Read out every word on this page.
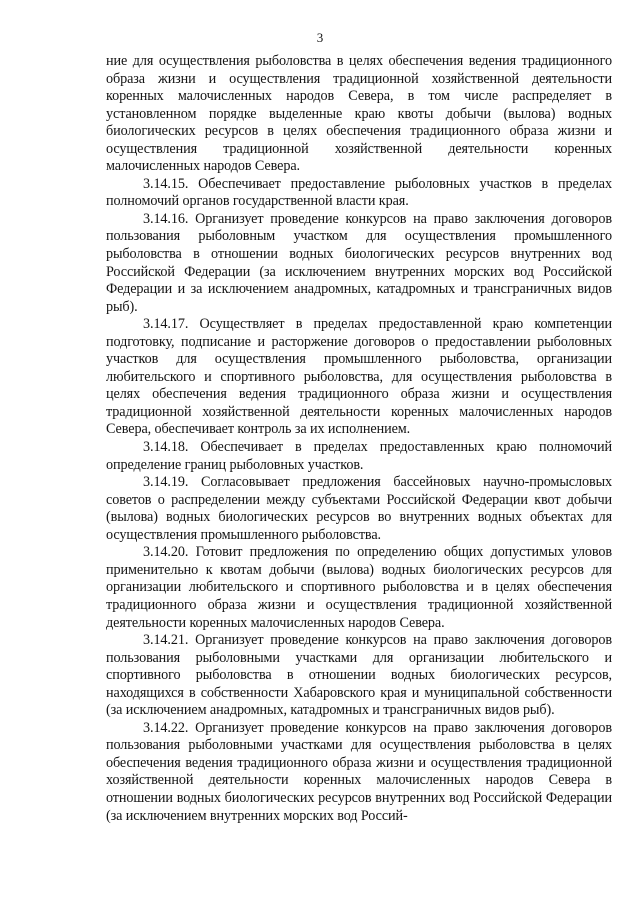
3

ние для осуществления рыболовства в целях обеспечения ведения традиционного образа жизни и осуществления традиционной хозяйственной деятельности коренных малочисленных народов Севера, в том числе распределяет в установленном порядке выделенные краю квоты добычи (вылова) водных биологических ресурсов в целях обеспечения традиционного образа жизни и осуществления традиционной хозяйственной деятельности коренных малочисленных народов Севера.

3.14.15. Обеспечивает предоставление рыболовных участков в пределах полномочий органов государственной власти края.

3.14.16. Организует проведение конкурсов на право заключения договоров пользования рыболовным участком для осуществления промышленного рыболовства в отношении водных биологических ресурсов внутренних вод Российской Федерации (за исключением внутренних морских вод Российской Федерации и за исключением анадромных, катадромных и трансграничных видов рыб).

3.14.17. Осуществляет в пределах предоставленной краю компетенции подготовку, подписание и расторжение договоров о предоставлении рыболовных участков для осуществления промышленного рыболовства, организации любительского и спортивного рыболовства, для осуществления рыболовства в целях обеспечения ведения традиционного образа жизни и осуществления традиционной хозяйственной деятельности коренных малочисленных народов Севера, обеспечивает контроль за их исполнением.

3.14.18. Обеспечивает в пределах предоставленных краю полномочий определение границ рыболовных участков.

3.14.19. Согласовывает предложения бассейновых научно-промысловых советов о распределении между субъектами Российской Федерации квот добычи (вылова) водных биологических ресурсов во внутренних водных объектах для осуществления промышленного рыболовства.

3.14.20. Готовит предложения по определению общих допустимых уловов применительно к квотам добычи (вылова) водных биологических ресурсов для организации любительского и спортивного рыболовства и в целях обеспечения традиционного образа жизни и осуществления традиционной хозяйственной деятельности коренных малочисленных народов Севера.

3.14.21. Организует проведение конкурсов на право заключения договоров пользования рыболовными участками для организации любительского и спортивного рыболовства в отношении водных биологических ресурсов, находящихся в собственности Хабаровского края и муниципальной собственности (за исключением анадромных, катадромных и трансграничных видов рыб).

3.14.22. Организует проведение конкурсов на право заключения договоров пользования рыболовными участками для осуществления рыболовства в целях обеспечения ведения традиционного образа жизни и осуществления традиционной хозяйственной деятельности коренных малочисленных народов Севера в отношении водных биологических ресурсов внутренних вод Российской Федерации (за исключением внутренних морских вод Россий-
